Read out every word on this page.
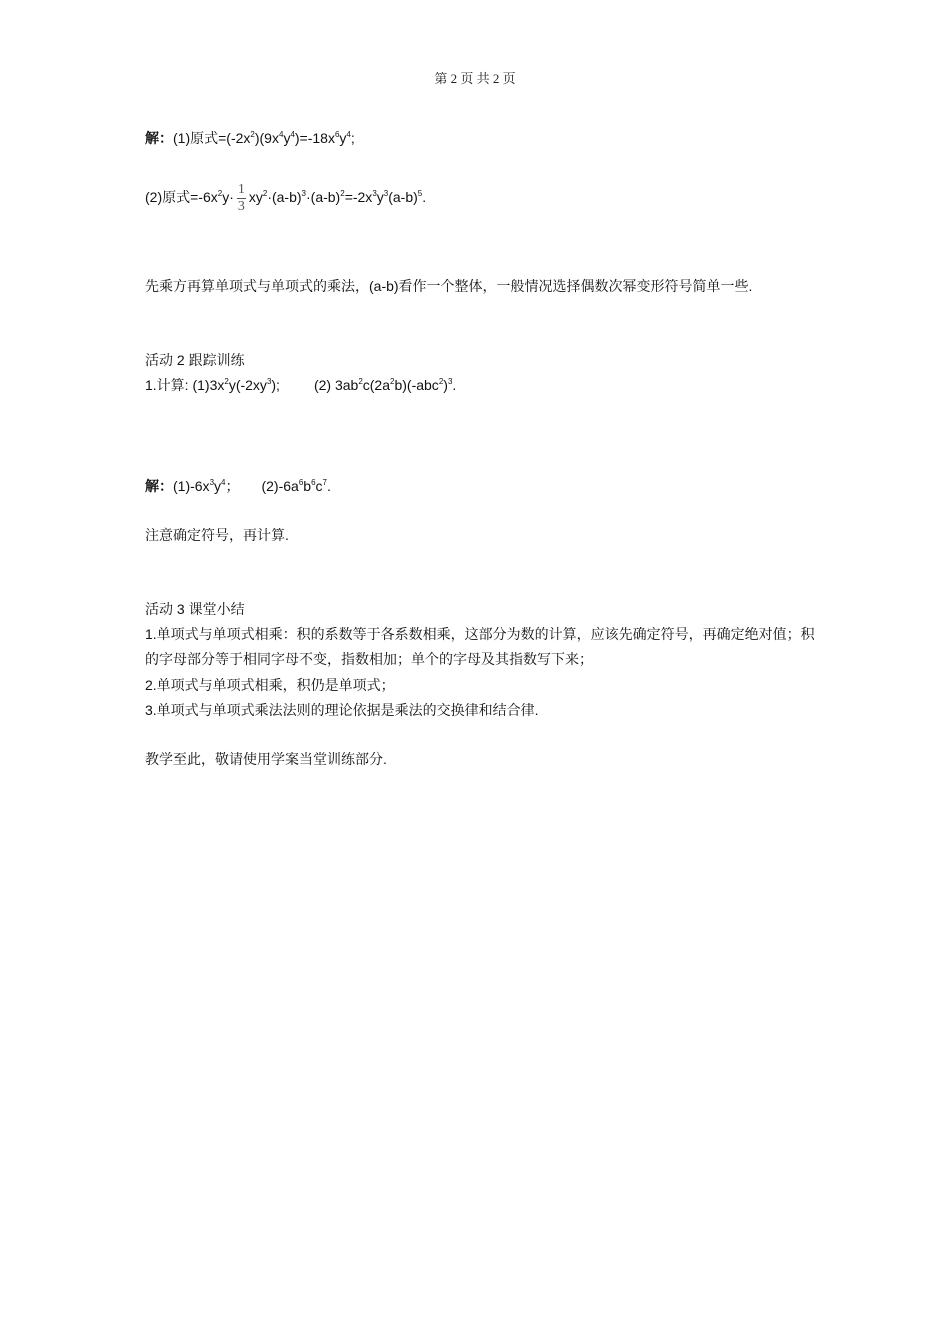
第 2 页 共 2 页
解：(1)原式$=(-2x^2)(9x^4y^4)=-18x^6y^4$;
(2)原式$=-6x^2y\cdot \frac{1}{3} xy^2\cdot(a-b)^3\cdot(a-b)^2=-2x^3y^3(a-b)^5$.
先乘方再算单项式与单项式的乘法，(a-b)看作一个整体，一般情况选择偶数次幂变形符号简单一些.
活动 2 跟踪训练
1.计算: $(1)3x^2y(-2xy^3)$; (2) $3ab^2c(2a^2b)(-abc^2)^3$.
解：$(1)-6x^3y^4$； $(2)-6a^6b^6c^7$.
注意确定符号，再计算.
活动 3 课堂小结
1.单项式与单项式相乘：积的系数等于各系数相乘，这部分为数的计算，应该先确定符号，再确定绝对值；积的字母部分等于相同字母不变，指数相加；单个的字母及其指数写下来；
2.单项式与单项式相乘，积仍是单项式；
3.单项式与单项式乘法法则的理论依据是乘法的交换律和结合律.
教学至此，敬请使用学案当堂训练部分.
